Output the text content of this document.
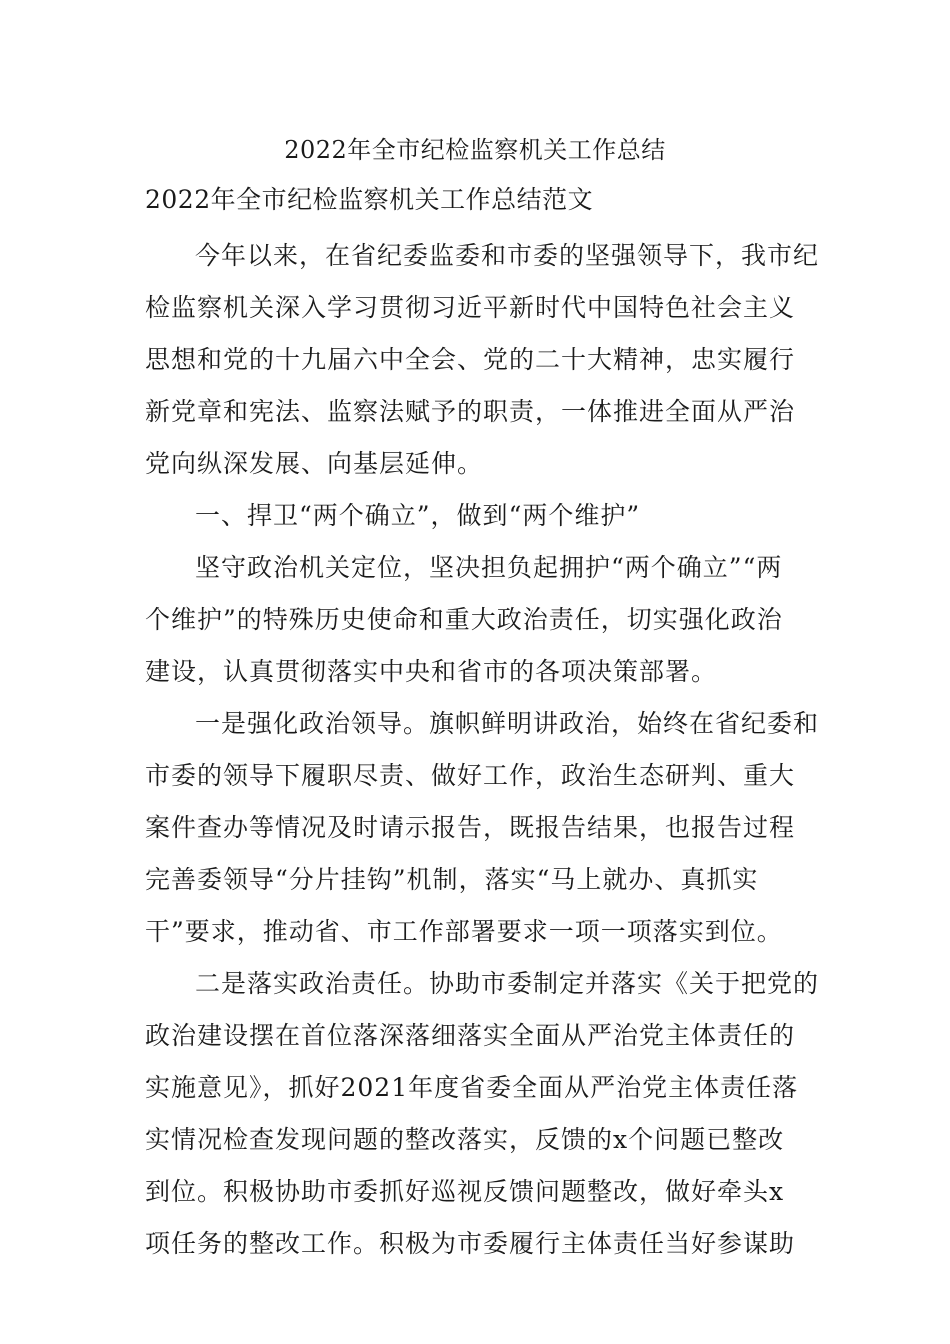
2022年全市纪检监察机关工作总结
2022年全市纪检监察机关工作总结范文

今年以来，在省纪委监委和市委的坚强领导下，我市纪
检监察机关深入学习贯彻习近平新时代中国特色社会主义
思想和党的十九届六中全会、党的二十大精神，忠实履行
新党章和宪法、监察法赋予的职责，一体推进全面从严治
党向纵深发展、向基层延伸。

一、捍卫“两个确立”，做到“两个维护”

坚守政治机关定位，坚决担负起拥护“两个确立”“两
个维护”的特殊历史使命和重大政治责任，切实强化政治
建设，认真贯彻落实中央和省市的各项决策部署。

一是强化政治领导。旗帜鲜明讲政治，始终在省纪委和
市委的领导下履职尽责、做好工作，政治生态研判、重大
案件查办等情况及时请示报告，既报告结果，也报告过程
完善委领导“分片挂钩”机制，落实“马上就办、真抓实
干”要求，推动省、市工作部署要求一项一项落实到位。

二是落实政治责任。协助市委制定并落实《关于把党的
政治建设摆在首位落深落细落实全面从严治党主体责任的
实施意见》，抓好2021年度省委全面从严治党主体责任落
实情况检查发现问题的整改落实，反馈的x个问题已整改
到位。积极协助市委抓好巡视反馈问题整改，做好牵头x
项任务的整改工作。积极为市委履行主体责任当好参谋助
